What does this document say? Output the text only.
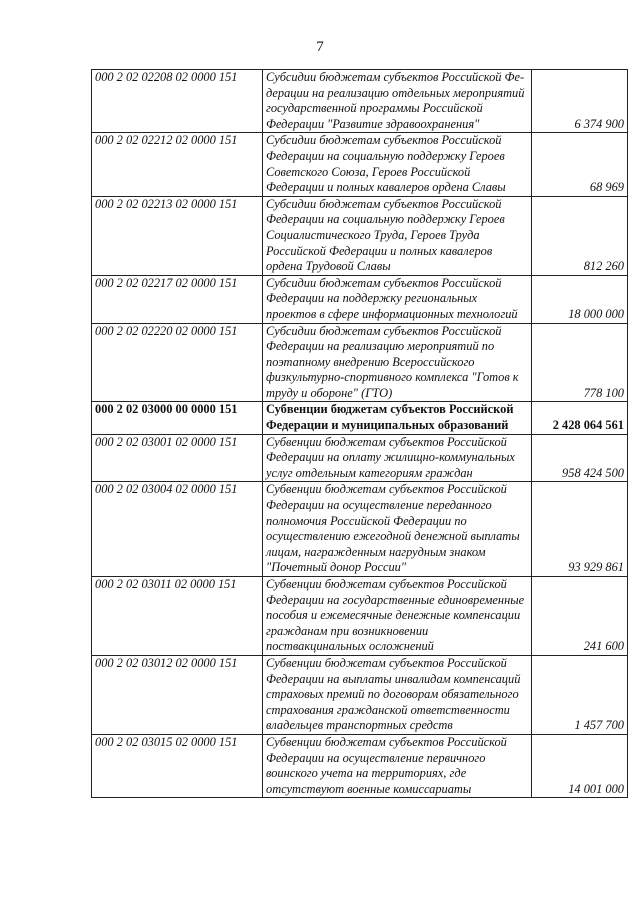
7
000 2 02 02208 02 0000 151	Субсидии бюджетам субъектов Российской Фе-дерации на реализацию отдельных мероприятий государственной программы Российской Федерации "Развитие здравоохранения"	6 374 900
000 2 02 02212 02 0000 151	Субсидии бюджетам субъектов Российской Федерации на социальную поддержку Героев Советского Союза, Героев Российской Федерации и полных кавалеров ордена Славы	68 969
000 2 02 02213 02 0000 151	Субсидии бюджетам субъектов Российской Федерации на социальную поддержку Героев Социалистического Труда, Героев Труда Российской Федерации и полных кавалеров ордена Трудовой Славы	812 260
000 2 02 02217 02 0000 151	Субсидии бюджетам субъектов Российской Федерации на поддержку региональных проектов в сфере информационных технологий	18 000 000
000 2 02 02220 02 0000 151	Субсидии бюджетам субъектов Российской Федерации на реализацию мероприятий по поэтапному внедрению Всероссийского физкультурно-спортивного комплекса "Готов к труду и обороне" (ГТО)	778 100
000 2 02 03000 00 0000 151	Субвенции бюджетам субъектов Российской Федерации и муниципальных образований	2 428 064 561
000 2 02 03001 02 0000 151	Субвенции бюджетам субъектов Российской Федерации на оплату жилищно-коммунальных услуг отдельным категориям граждан	958 424 500
000 2 02 03004 02 0000 151	Субвенции бюджетам субъектов Российской Федерации на осуществление переданного полномочия Российской Федерации по осуществлению ежегодной денежной выплаты лицам, награжденным нагрудным знаком "Почетный донор России"	93 929 861
000 2 02 03011 02 0000 151	Субвенции бюджетам субъектов Российской Федерации на государственные единовременные пособия и ежемесячные денежные компенсации гражданам при возникновении поствакцинальных осложнений	241 600
000 2 02 03012 02 0000 151	Субвенции бюджетам субъектов Российской Федерации на выплаты инвалидам компенсаций страховых премий по договорам обязательного страхования гражданской ответственности владельцев транспортных средств	1 457 700
000 2 02 03015 02 0000 151	Субвенции бюджетам субъектов Российской Федерации на осуществление первичного воинского учета на территориях, где отсутствуют военные комиссариаты	14 001 000
